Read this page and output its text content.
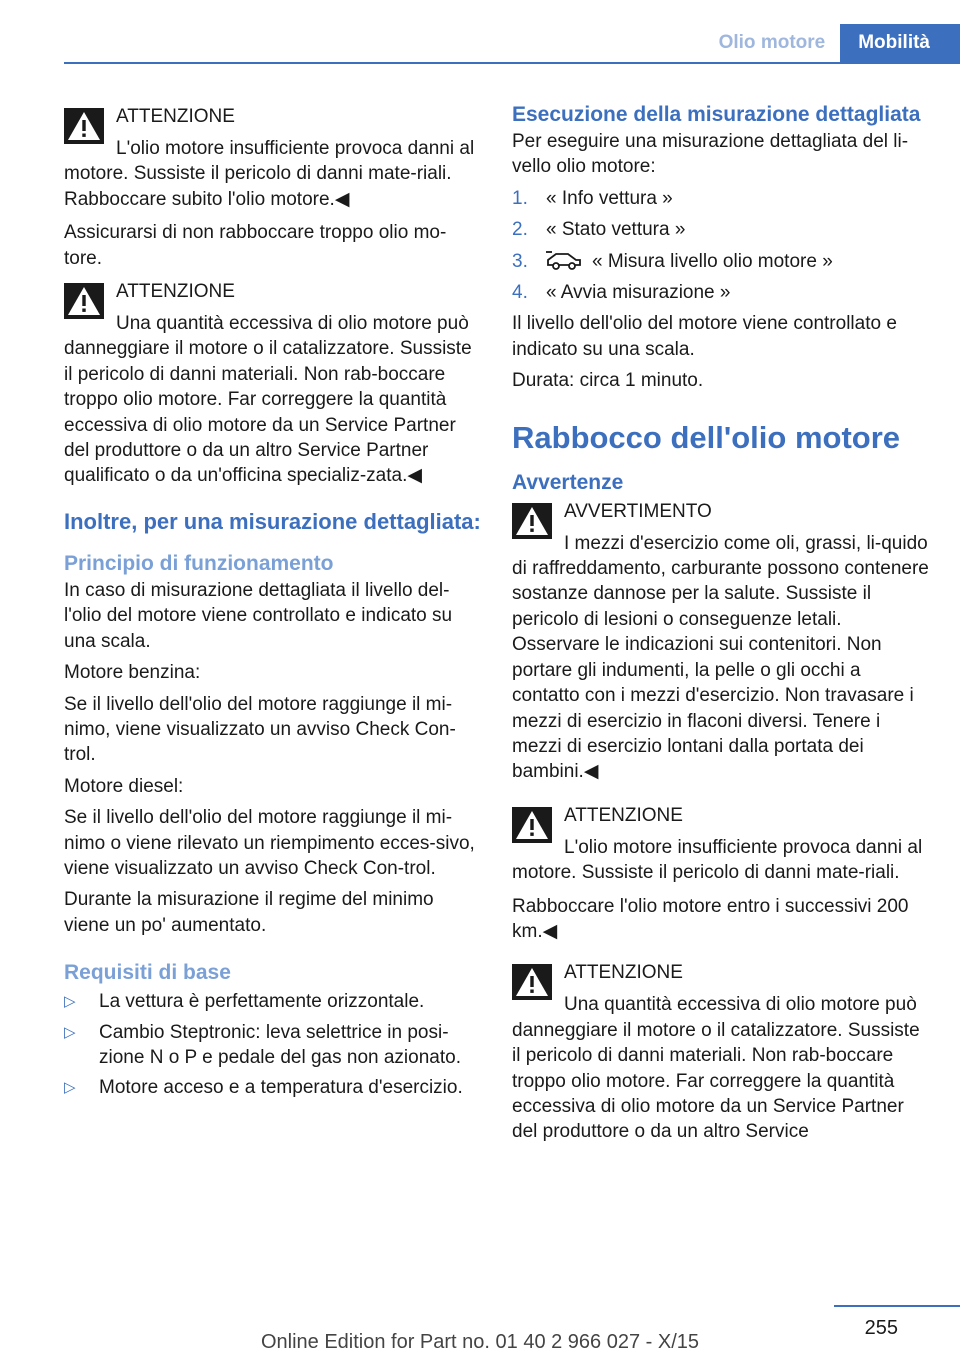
Olio motore	Mobilità
ATTENZIONE

L'olio motore insufficiente provoca danni al motore. Sussiste il pericolo di danni mate‐riali. Rabboccare subito l'olio motore.◀

Assicurarsi di non rabboccare troppo olio mo‐tore.

ATTENZIONE

Una quantità eccessiva di olio motore può danneggiare il motore o il catalizzatore. Sussiste il pericolo di danni materiali. Non rab‐boccare troppo olio motore. Far correggere la quantità eccessiva di olio motore da un Service Partner del produttore o da un altro Service Partner qualificato o da un'officina specializ‐zata.◀

Inoltre, per una misurazione dettagliata:
Principio di funzionamento

In caso di misurazione dettagliata il livello del‐l'olio del motore viene controllato e indicato su una scala.

Motore benzina:

Se il livello dell'olio del motore raggiunge il mi‐nimo, viene visualizzato un avviso Check Con‐trol.

Motore diesel:

Se il livello dell'olio del motore raggiunge il mi‐nimo o viene rilevato un riempimento ecces‐sivo, viene visualizzato un avviso Check Con‐trol.

Durante la misurazione il regime del minimo viene un po' aumentato.

Requisiti di base
▷ La vettura è perfettamente orizzontale.
▷ Cambio Steptronic: leva selettrice in posi‐zione N o P e pedale del gas non azionato.
▷ Motore acceso e a temperatura d'esercizio.
Esecuzione della misurazione dettagliata

Per eseguire una misurazione dettagliata del li‐vello olio motore:

1. « Info vettura »
2. « Stato vettura »
3.	« Misura livello olio motore »
4. « Avvia misurazione »

Il livello dell'olio del motore viene controllato e indicato su una scala.

Durata: circa 1 minuto.

Rabbocco dell'olio motore
Avvertenze
AVVERTIMENTO

I mezzi d'esercizio come oli, grassi, li‐quido di raffreddamento, carburante possono contenere sostanze dannose per la salute. Sussiste il pericolo di lesioni o conseguenze letali. Osservare le indicazioni sui contenitori. Non portare gli indumenti, la pelle o gli occhi a contatto con i mezzi d'esercizio. Non travasare i mezzi di esercizio in flaconi diversi. Tenere i mezzi di esercizio lontani dalla portata dei bambini.◀

ATTENZIONE

L'olio motore insufficiente provoca danni al motore. Sussiste il pericolo di danni mate‐riali.

Rabboccare l'olio motore entro i successivi 200 km.◀

ATTENZIONE

Una quantità eccessiva di olio motore può danneggiare il motore o il catalizzatore. Sussiste il pericolo di danni materiali. Non rab‐boccare troppo olio motore. Far correggere la quantità eccessiva di olio motore da un Service Partner del produttore o da un altro Service

255
Online Edition for Part no. 01 40 2 966 027 - X/15
